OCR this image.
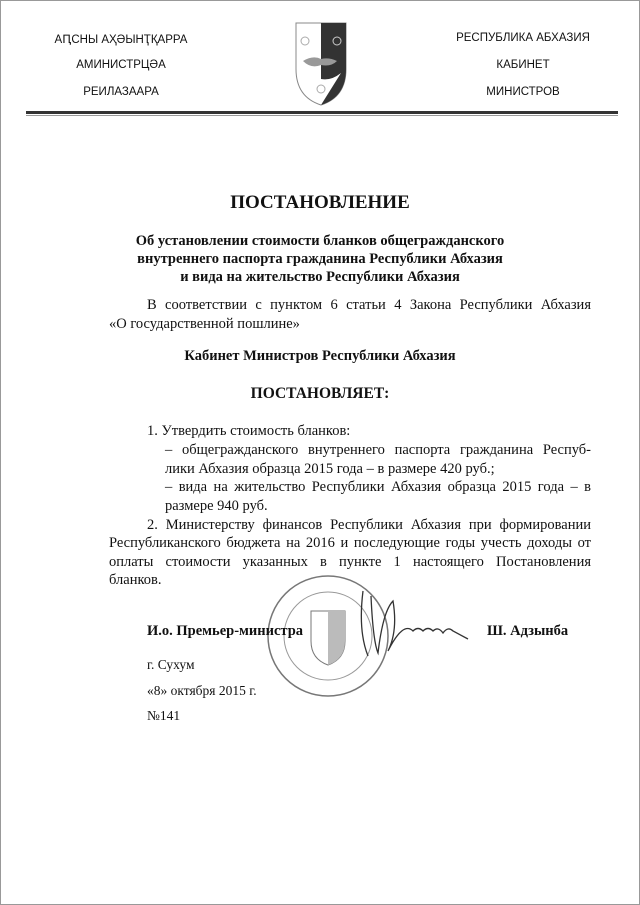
АԤСНЫ АҲӘЫНҬҚАРРА
АМИНИСТРЦӘА
РЕИЛАЗААРА
РЕСПУБЛИКА АБХАЗИЯ
КАБИНЕТ
МИНИСТРОВ
ПОСТАНОВЛЕНИЕ
Об установлении стоимости бланков общегражданского
внутреннего паспорта гражданина Республики Абхазия
и вида на жительство Республики Абхазия
В соответствии с пунктом 6 статьи 4 Закона Республики Абхазия
«О государственной пошлине»
Кабинет Министров Республики Абхазия
ПОСТАНОВЛЯЕТ:
1. Утвердить стоимость бланков:
– общегражданского внутреннего паспорта гражданина Респуб-
лики Абхазия образца 2015 года – в размере 420 руб.;
– вида на жительство Республики Абхазия образца 2015 года – в
размере 940 руб.
2. Министерству финансов Республики Абхазия при формировании
Республиканского бюджета на 2016 и последующие годы учесть доходы от
оплаты стоимости указанных в пункте 1 настоящего Постановления
бланков.
И.о. Премьер-министра	Ш. Адзынба
г. Сухум
«8» октября 2015 г.
№141
